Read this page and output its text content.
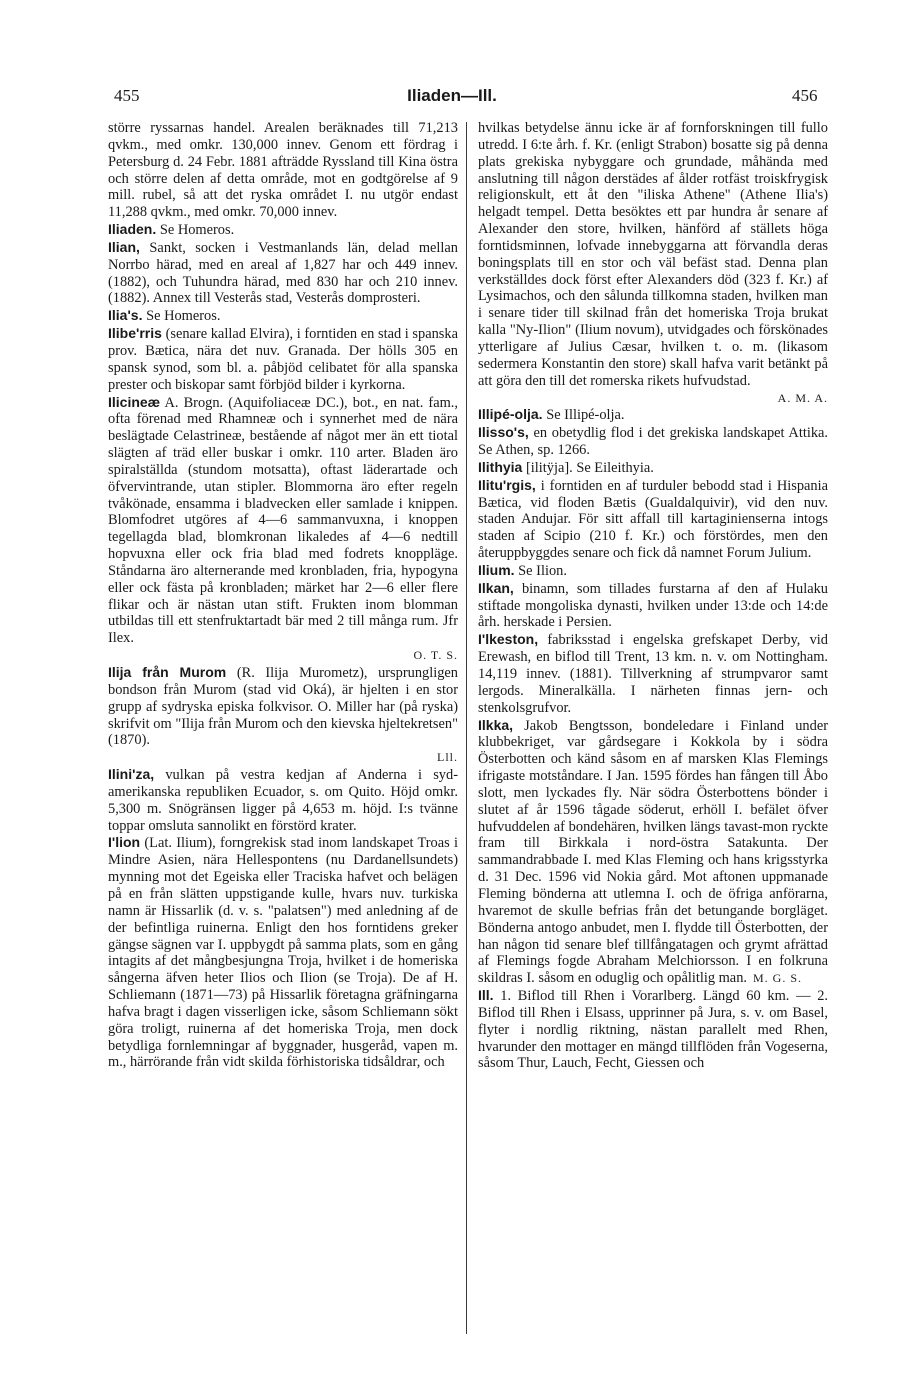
455	Iliaden—Ill.	456

större ryssarnas handel. Arealen beräknades till 71,213 qvkm., med omkr. 130,000 innev. Genom ett fördrag i Petersburg d. 24 Febr. 1881 afträdde Ryssland till Kina östra och större delen af detta område, mot en godtgörelse af 9 mill. rubel, så att det ryska området I. nu utgör endast 11,288 qvkm., med omkr. 70,000 innev.

Iliaden. Se Homeros.

Ilian, Sankt, socken i Vestmanlands län, delad mellan Norrbo härad, med en areal af 1,827 har och 449 innev. (1882), och Tuhundra härad, med 830 har och 210 innev. (1882). Annex till Vesterås stad, Vesterås domprosteri.

Ilia's. Se Homeros.

Ilibe'rris (senare kallad Elvira), i forntiden en stad i spanska prov. Bætica, nära det nuv. Granada. Der hölls 305 en spansk synod, som bl. a. påbjöd celibatet för alla spanska prester och biskopar samt förbjöd bilder i kyrkorna.

Ilicineæ A. Brogn. (Aquifoliaceæ DC.), bot., en nat. fam., ofta förenad med Rhamneæ och i synnerhet med de nära beslägtade Celastrineæ, bestående af något mer än ett tiotal slägten af träd eller buskar i omkr. 110 arter. Bladen äro spiralställda (stundom motsatta), oftast läderartade och öfvervintrande, utan stipler. Blommorna äro efter regeln tvåkönade, ensamma i bladvecken eller samlade i knippen. Blomfodret utgöres af 4—6 sammanvuxna, i knoppen tegellagda blad, blomkronan likaledes af 4—6 nedtill hopvuxna eller ock fria blad med fodrets knoppläge. Ståndarna äro alternerande med kronbladen, fria, hypogyna eller ock fästa på kronbladen; märket har 2—6 eller flere flikar och är nästan utan stift. Frukten inom blomman utbildas till ett stenfruktartadt bär med 2 till många rum. Jfr Ilex.
O. T. S.

Ilija från Murom (R. Ilija Murometz), ursprungligen bondson från Murom (stad vid Oká), är hjelten i en stor grupp af sydryska episka folkvisor. O. Miller har (på ryska) skrifvit om "Ilija från Murom och den kievska hjeltekretsen" (1870).
Lll.

Ilini'za, vulkan på vestra kedjan af Anderna i syd-amerikanska republiken Ecuador, s. om Quito. Höjd omkr. 5,300 m. Snögränsen ligger på 4,653 m. höjd. I:s tvänne toppar omsluta sannolikt en förstörd krater.

I'lion (Lat. Ilium), forngrekisk stad inom landskapet Troas i Mindre Asien, nära Hellespontens (nu Dardanellsundets) mynning mot det Egeiska eller Traciska hafvet och belägen på en från slätten uppstigande kulle, hvars nuv. turkiska namn är Hissarlik (d. v. s. "palatsen") med anledning af de der befintliga ruinerna. Enligt den hos forntidens greker gängse sägnen var I. uppbygdt på samma plats, som en gång intagits af det mångbesjungna Troja, hvilket i de homeriska sångerna äfven heter Ilios och Ilion (se Troja). De af H. Schliemann (1871—73) på Hissarlik företagna gräfningarna hafva bragt i dagen visserligen icke, såsom Schliemann sökt göra troligt, ruinerna af det homeriska Troja, men dock betydliga fornlemningar af byggnader, husgeråd, vapen m. m., härrörande från vidt skilda förhistoriska tidsåldrar, och

hvilkas betydelse ännu icke är af fornforskningen till fullo utredd. I 6:te årh. f. Kr. (enligt Strabon) bosatte sig på denna plats grekiska nybyggare och grundade, måhända med anslutning till någon derstädes af ålder rotfäst troiskfrygisk religionskult, ett åt den "iliska Athene" (Athene Ilia's) helgadt tempel. Detta besöktes ett par hundra år senare af Alexander den store, hvilken, hänförd af ställets höga forntidsminnen, lofvade innebyggarna att förvandla deras boningsplats till en stor och väl befäst stad. Denna plan verkställdes dock först efter Alexanders död (323 f. Kr.) af Lysimachos, och den sålunda tillkomna staden, hvilken man i senare tider till skilnad från det homeriska Troja brukat kalla "Ny-Ilion" (Ilium novum), utvidgades och förskönades ytterligare af Julius Cæsar, hvilken t. o. m. (likasom sedermera Konstantin den store) skall hafva varit betänkt på att göra den till det romerska rikets hufvudstad.
A. M. A.

Illipé-olja. Se Illipé-olja.

Ilisso's, en obetydlig flod i det grekiska landskapet Attika. Se Athen, sp. 1266.

Ilithyia [ilitÿja]. Se Eileithyia.

Ilitu'rgis, i forntiden en af turduler bebodd stad i Hispania Bætica, vid floden Bætis (Gualdalquivir), vid den nuv. staden Andujar. För sitt affall till kartaginienserna intogs staden af Scipio (210 f. Kr.) och förstördes, men den återuppbyggdes senare och fick då namnet Forum Julium.

Ilium. Se Ilion.

Ilkan, binamn, som tillades furstarna af den af Hulaku stiftade mongoliska dynasti, hvilken under 13:de och 14:de årh. herskade i Persien.

I'lkeston, fabriksstad i engelska grefskapet Derby, vid Erewash, en biflod till Trent, 13 km. n. v. om Nottingham. 14,119 innev. (1881). Tillverkning af strumpvaror samt lergods. Mineralkälla. I närheten finnas jern- och stenkolsgrufvor.

Ilkka, Jakob Bengtsson, bondeledare i Finland under klubbekriget, var gårdsegare i Kokkola by i södra Österbotten och känd såsom en af marsken Klas Flemings ifrigaste motståndare. I Jan. 1595 fördes han fången till Åbo slott, men lyckades fly. När södra Österbottens bönder i slutet af år 1596 tågade söderut, erhöll I. befälet öfver hufvuddelen af bondehären, hvilken längs tavast-mon ryckte fram till Birkkala i nord-östra Satakunta. Der sammandrabbade I. med Klas Fleming och hans krigsstyrka d. 31 Dec. 1596 vid Nokia gård. Mot aftonen uppmanade Fleming bönderna att utlemna I. och de öfriga anförarna, hvaremot de skulle befrias från det betungande borgläget. Bönderna antogo anbudet, men I. flydde till Österbotten, der han någon tid senare blef tillfångatagen och grymt afrättad af Flemings fogde Abraham Melchiorsson. I en folkruna skildras I. såsom en oduglig och opålitlig man. M. G. S.

Ill. 1. Biflod till Rhen i Vorarlberg. Längd 60 km. — 2. Biflod till Rhen i Elsass, upprinner på Jura, s. v. om Basel, flyter i nordlig riktning, nästan parallelt med Rhen, hvarunder den mottager en mängd tillflöden från Vogeserna, såsom Thur, Lauch, Fecht, Giessen och
